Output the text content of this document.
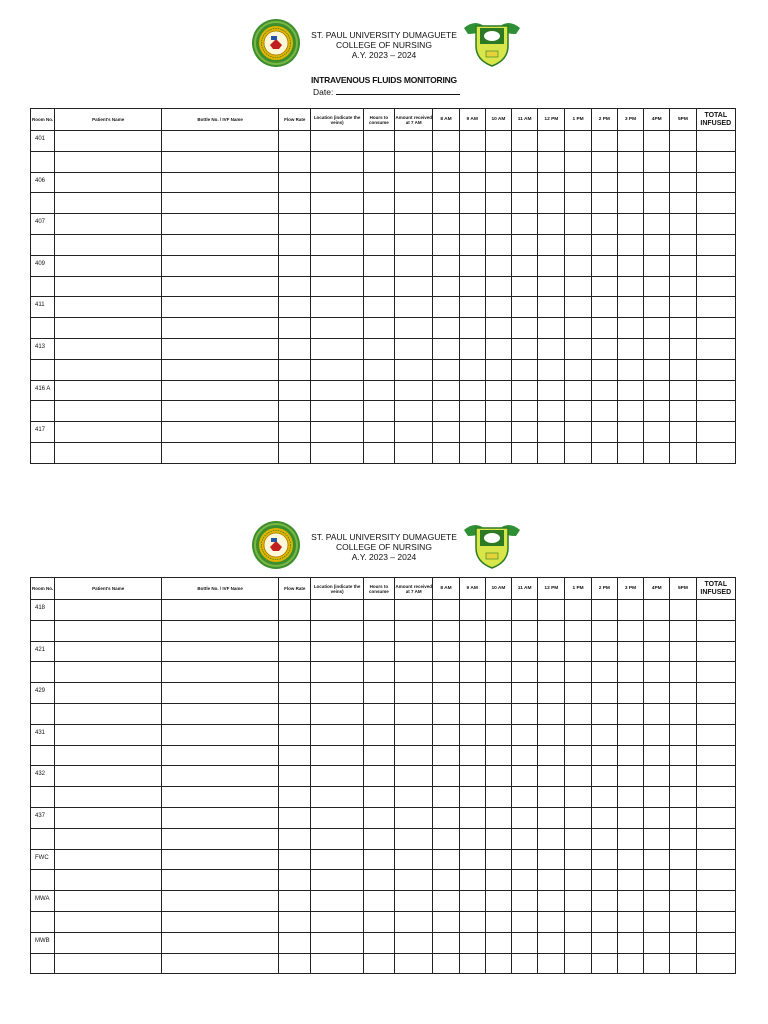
ST. PAUL UNIVERSITY DUMAGUETE
COLLEGE OF NURSING
A.Y. 2023 – 2024
INTRAVENOUS FLUIDS MONITORING
Date:
Room No.	Patient's Name	Bottle No. / IVF Name	Flow Rate	Location (indicate the veins)	Hours to consume	Amount received at 7 AM	8 AM	9 AM	10 AM	11 AM	12 PM	1 PM	2 PM	3 PM	4PM	5PM	TOTAL INFUSED
401																	

406																	

407																	

409																	

411																	

413																	

416 A																	

417																	

ST. PAUL UNIVERSITY DUMAGUETE
COLLEGE OF NURSING
A.Y. 2023 – 2024
Room No.	Patient's Name	Bottle No. / IVF Name	Flow Rate	Location (indicate the veins)	Hours to consume	Amount received at 7 AM	8 AM	9 AM	10 AM	11 AM	12 PM	1 PM	2 PM	3 PM	4PM	5PM	TOTAL INFUSED
418																	

421																	

429																	

431																	

432																	

437																	

FWC																	

MWA																	

MWB																	
